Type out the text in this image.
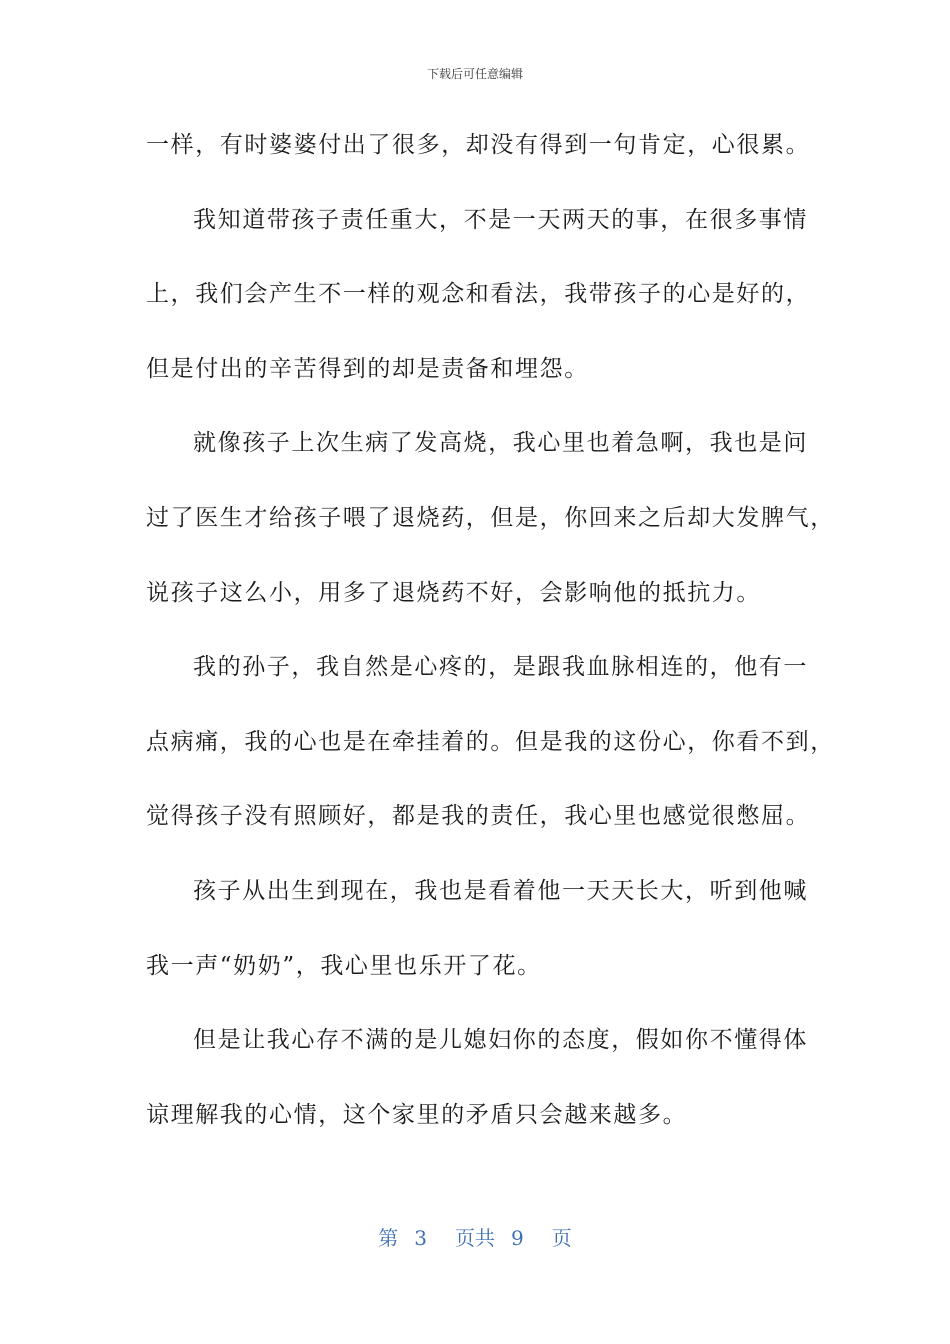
下载后可任意编辑
一样，有时婆婆付出了很多，却没有得到一句肯定，心很累。
我知道带孩子责任重大，不是一天两天的事，在很多事情
上，我们会产生不一样的观念和看法，我带孩子的心是好的，
但是付出的辛苦得到的却是责备和埋怨。
就像孩子上次生病了发高烧，我心里也着急啊，我也是问
过了医生才给孩子喂了退烧药，但是，你回来之后却大发脾气，
说孩子这么小，用多了退烧药不好，会影响他的抵抗力。
我的孙子，我自然是心疼的，是跟我血脉相连的，他有一
点病痛，我的心也是在牵挂着的。但是我的这份心，你看不到，
觉得孩子没有照顾好，都是我的责任，我心里也感觉很憋屈。
孩子从出生到现在，我也是看着他一天天长大，听到他喊
我一声“奶奶”，我心里也乐开了花。
但是让我心存不满的是儿媳妇你的态度，假如你不懂得体
谅理解我的心情，这个家里的矛盾只会越来越多。
第 3 页共 9 页
